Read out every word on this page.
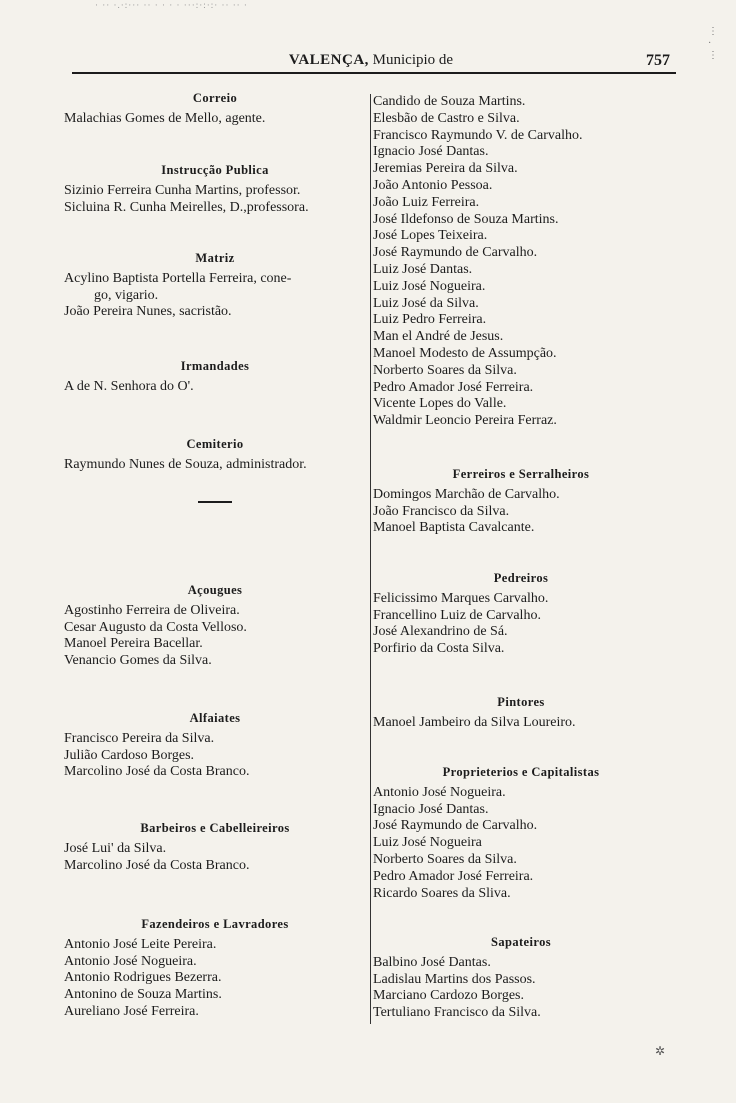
· ·· ·.·:··· ·· · · · · ···:·:·:· ·· ·· ·
VALENÇA, Municipio de	757
Correio
Malachias Gomes de Mello, agente.
Instrucção Publica
Sizinio Ferreira Cunha Martins, professor.
Sicluina R. Cunha Meirelles, D.,professora.
Matriz
Acylino Baptista Portella Ferreira, cone-
go, vigario.
João Pereira Nunes, sacristão.
Irmandades
A de N. Senhora do O'.
Cemiterio
Raymundo Nunes de Souza, administrador.
Açougues
Agostinho Ferreira de Oliveira.
Cesar Augusto da Costa Velloso.
Manoel Pereira Bacellar.
Venancio Gomes da Silva.
Alfaiates
Francisco Pereira da Silva.
Julião Cardoso Borges.
Marcolino José da Costa Branco.
Barbeiros e Cabelleireiros
José Lui' da Silva.
Marcolino José da Costa Branco.
Fazendeiros e Lavradores
Antonio José Leite Pereira.
Antonio José Nogueira.
Antonio Rodrigues Bezerra.
Antonino de Souza Martins.
Aureliano José Ferreira.
Candido de Souza Martins.
Elesbão de Castro e Silva.
Francisco Raymundo V. de Carvalho.
Ignacio José Dantas.
Jeremias Pereira da Silva.
João Antonio Pessoa.
João Luiz Ferreira.
José Ildefonso de Souza Martins.
José Lopes Teixeira.
José Raymundo de Carvalho.
Luiz José Dantas.
Luiz José Nogueira.
Luiz José da Silva.
Luiz Pedro Ferreira.
Man el André de Jesus.
Manoel Modesto de Assumpção.
Norberto Soares da Silva.
Pedro Amador José Ferreira.
Vicente Lopes do Valle.
Waldmir Leoncio Pereira Ferraz.
Ferreiros e Serralheiros
Domingos Marchão de Carvalho.
João Francisco da Silva.
Manoel Baptista Cavalcante.
Pedreiros
Felicissimo Marques Carvalho.
Francellino Luiz de Carvalho.
José Alexandrino de Sá.
Porfirio da Costa Silva.
Pintores
Manoel Jambeiro da Silva Loureiro.
Proprieterios e Capitalistas
Antonio José Nogueira.
Ignacio José Dantas.
José Raymundo de Carvalho.
Luiz José Nogueira
Norberto Soares da Silva.
Pedro Amador José Ferreira.
Ricardo Soares da Sliva.
Sapateiros
Balbino José Dantas.
Ladislau Martins dos Passos.
Marciano Cardozo Borges.
Tertuliano Francisco da Silva.
⋮
·
⋮
✲
